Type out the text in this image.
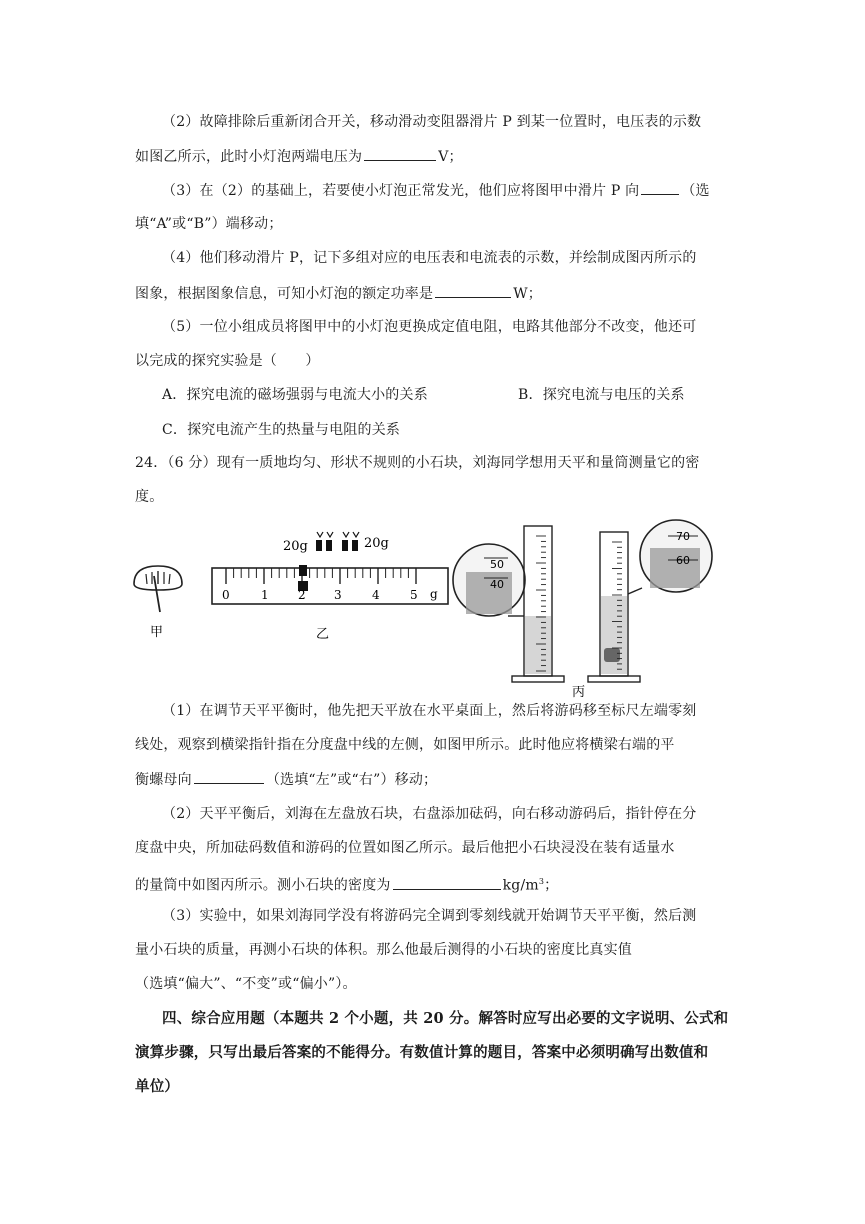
（2）故障排除后重新闭合开关，移动滑动变阻器滑片 P 到某一位置时，电压表的示数
如图乙所示，此时小灯泡两端电压为	V；
（3）在（2）的基础上，若要使小灯泡正常发光，他们应将图甲中滑片 P 向	（选
填“A”或“B”）端移动；
（4）他们移动滑片 P，记下多组对应的电压表和电流表的示数，并绘制成图丙所示的
图象，根据图象信息，可知小灯泡的额定功率是	W；
（5）一位小组成员将图甲中的小灯泡更换成定值电阻，电路其他部分不改变，他还可
以完成的探究实验是（　　）
A．探究电流的磁场强弱与电流大小的关系	B．探究电流与电压的关系
C．探究电流产生的热量与电阻的关系
24．（6 分）现有一质地均匀、形状不规则的小石块，刘海同学想用天平和量筒测量它的密
度。
甲
0	1 2 3	4	5 g
20g	20g
乙
50
40
70
60
丙
（1）在调节天平平衡时，他先把天平放在水平桌面上，然后将游码移至标尺左端零刻
线处，观察到横梁指针指在分度盘中线的左侧，如图甲所示。此时他应将横梁右端的平
衡螺母向	（选填“左”或“右”）移动；
（2）天平平衡后，刘海在左盘放石块，右盘添加砝码，向右移动游码后，指针停在分
度盘中央，所加砝码数值和游码的位置如图乙所示。最后他把小石块浸没在装有适量水
的量筒中如图丙所示。测小石块的密度为	$kg/m^3$；
（3）实验中，如果刘海同学没有将游码完全调到零刻线就开始调节天平平衡，然后测
量小石块的质量，再测小石块的体积。那么他最后测得的小石块的密度比真实值
（选填“偏大”、“不变”或“偏小”）。
四、综合应用题（本题共 2 个小题，共 20 分。解答时应写出必要的文字说明、公式和
演算步骤，只写出最后答案的不能得分。有数值计算的题目，答案中必须明确写出数值和
单位）
